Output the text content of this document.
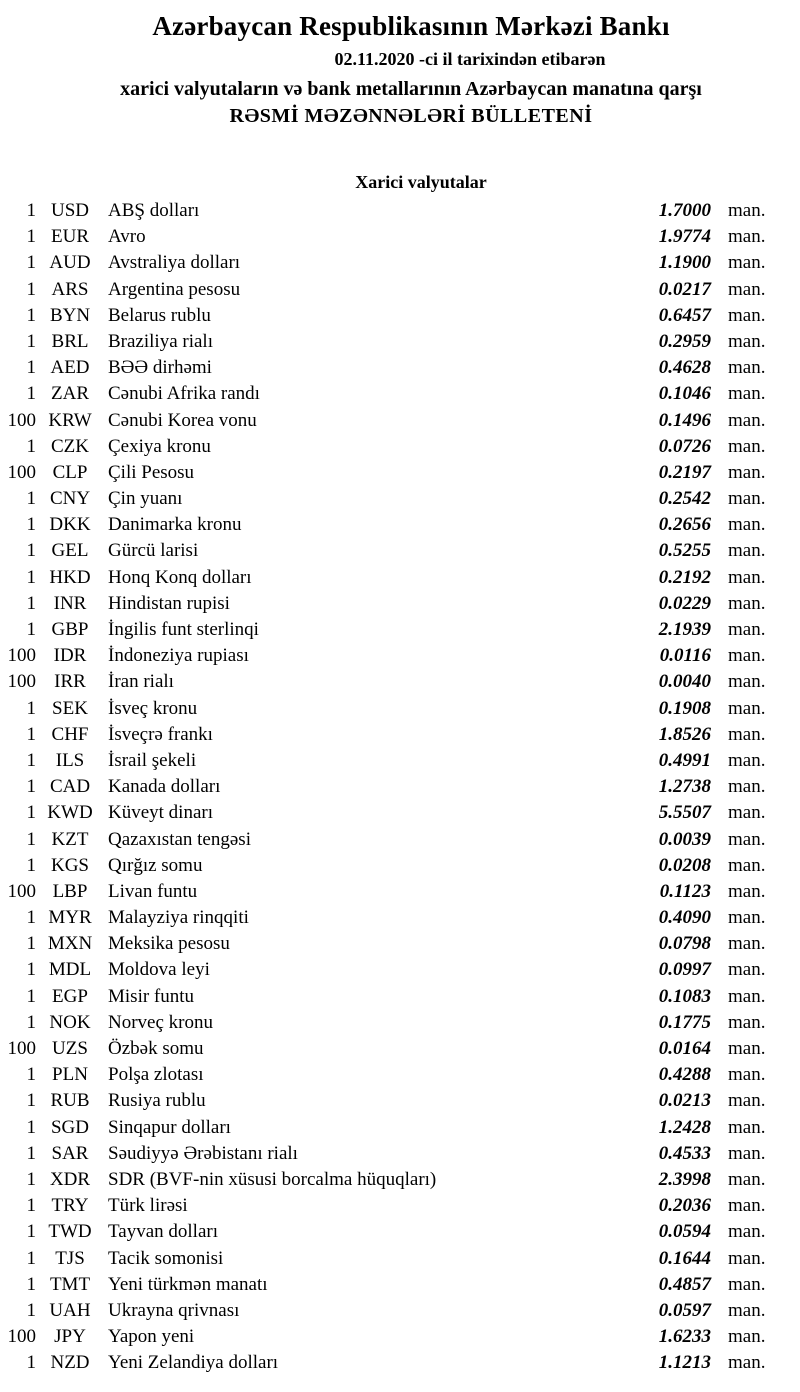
Azərbaycan Respublikasının Mərkəzi Bankı
02.11.2020 -ci il tarixindən etibarən
xarici valyutaların və bank metallarının Azərbaycan manatına qarşı
RƏSMİ MƏZƏNNƏLƏRİ BÜLLETENİ
Xarici valyutalar
1 USD	ABŞ dolları	1.7000 man.
1 EUR	Avro	1.9774 man.
1 AUD Avstraliya dolları	1.1900 man.
1 ARS	Argentina pesosu	0.0217 man.
1 BYN Belarus rublu	0.6457 man.
1 BRL	Braziliya rialı	0.2959 man.
1 AED BƏƏ dirhəmi	0.4628 man.
1 ZAR	Cənubi Afrika randı	0.1046 man.
100 KRW Cənubi Korea vonu	0.1496 man.
1 CZK	Çexiya kronu	0.0726 man.
100 CLP	Çili Pesosu	0.2197 man.
1 CNY Çin yuanı	0.2542 man.
1 DKK Danimarka kronu	0.2656 man.
1 GEL	Gürcü larisi	0.5255 man.
1 HKD Honq Konq dolları	0.2192 man.
1 INR	Hindistan rupisi	0.0229 man.
1 GBP	İngilis funt sterlinqi	2.1939 man.
100 IDR	İndoneziya rupiası	0.0116 man.
100 IRR	İran rialı	0.0040 man.
1 SEK	İsveç kronu	0.1908 man.
1 CHF	İsveçrə frankı	1.8526 man.
1	ILS	İsrail şekeli	0.4991 man.
1 CAD Kanada dolları	1.2738 man.
1 KWD Küveyt dinarı	5.5507 man.
1 KZT	Qazaxıstan tengəsi	0.0039 man.
1 KGS	Qırğız somu	0.0208 man.
100 LBP	Livan funtu	0.1123 man.
1 MYR Malayziya rinqqiti	0.4090 man.
1 MXN Meksika pesosu	0.0798 man.
1 MDL Moldova leyi	0.0997 man.
1 EGP	Misir funtu	0.1083 man.
1 NOK Norveç kronu	0.1775 man.
100 UZS	Özbək somu	0.0164 man.
1 PLN	Polşa zlotası	0.4288 man.
1 RUB Rusiya rublu	0.0213 man.
1 SGD	Sinqapur dolları	1.2428 man.
1 SAR	Səudiyyə Ərəbistanı rialı	0.4533 man.
1 XDR SDR (BVF-nin xüsusi borcalma hüquqları)	2.3998 man.
1 TRY	Türk lirəsi	0.2036 man.
1 TWD Tayvan dolları	0.0594 man.
1	TJS	Tacik somonisi	0.1644 man.
1 TMT Yeni türkmən manatı	0.4857 man.
1 UAH Ukrayna qrivnası	0.0597 man.
100 JPY	Yapon yeni	1.6233 man.
1 NZD Yeni Zelandiya dolları	1.1213 man.
